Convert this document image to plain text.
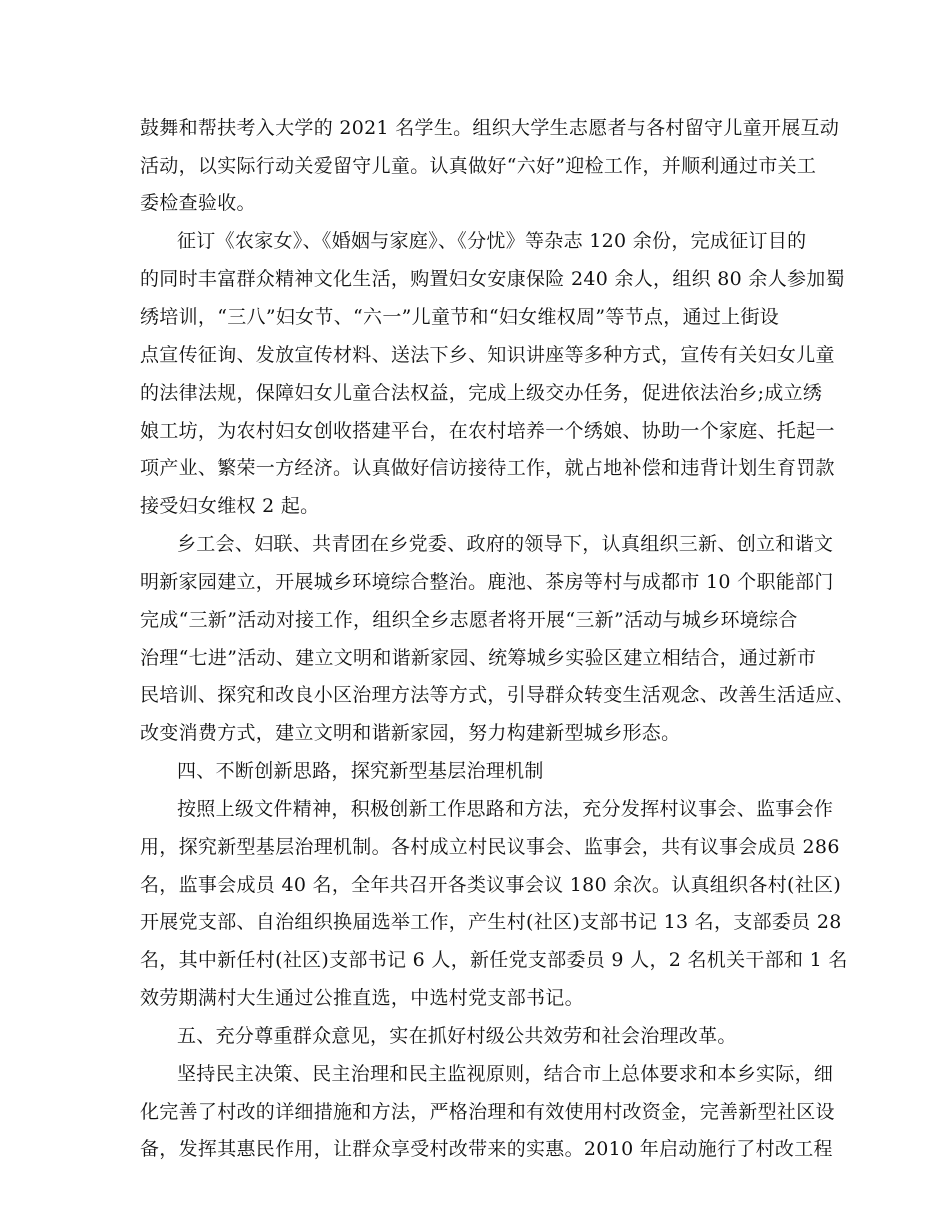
鼓舞和帮扶考入大学的 2021 名学生。组织大学生志愿者与各村留守儿童开展互动
活动，以实际行动关爱留守儿童。认真做好“六好”迎检工作，并顺利通过市关工
委检查验收。
征订《农家女》、《婚姻与家庭》、《分忧》等杂志 120 余份，完成征订目的
的同时丰富群众精神文化生活，购置妇女安康保险 240 余人，组织 80 余人参加蜀
绣培训，“三八”妇女节、“六一”儿童节和“妇女维权周”等节点，通过上街设
点宣传征询、发放宣传材料、送法下乡、知识讲座等多种方式，宣传有关妇女儿童
的法律法规，保障妇女儿童合法权益，完成上级交办任务，促进依法治乡;成立绣
娘工坊，为农村妇女创收搭建平台，在农村培养一个绣娘、协助一个家庭、托起一
项产业、繁荣一方经济。认真做好信访接待工作，就占地补偿和违背计划生育罚款
接受妇女维权 2 起。
乡工会、妇联、共青团在乡党委、政府的领导下，认真组织三新、创立和谐文
明新家园建立，开展城乡环境综合整治。鹿池、茶房等村与成都市 10 个职能部门
完成“三新”活动对接工作，组织全乡志愿者将开展“三新”活动与城乡环境综合
治理“七进”活动、建立文明和谐新家园、统筹城乡实验区建立相结合，通过新市
民培训、探究和改良小区治理方法等方式，引导群众转变生活观念、改善生活适应、
改变消费方式，建立文明和谐新家园，努力构建新型城乡形态。
四、不断创新思路，探究新型基层治理机制
按照上级文件精神，积极创新工作思路和方法，充分发挥村议事会、监事会作
用，探究新型基层治理机制。各村成立村民议事会、监事会，共有议事会成员 286
名，监事会成员 40 名，全年共召开各类议事会议 180 余次。认真组织各村(社区)
开展党支部、自治组织换届选举工作，产生村(社区)支部书记 13 名，支部委员 28
名，其中新任村(社区)支部书记 6 人，新任党支部委员 9 人，2 名机关干部和 1 名
效劳期满村大生通过公推直选，中选村党支部书记。
五、充分尊重群众意见，实在抓好村级公共效劳和社会治理改革。
坚持民主决策、民主治理和民主监视原则，结合市上总体要求和本乡实际，细
化完善了村改的详细措施和方法，严格治理和有效使用村改资金，完善新型社区设
备，发挥其惠民作用，让群众享受村改带来的实惠。2010 年启动施行了村改工程
